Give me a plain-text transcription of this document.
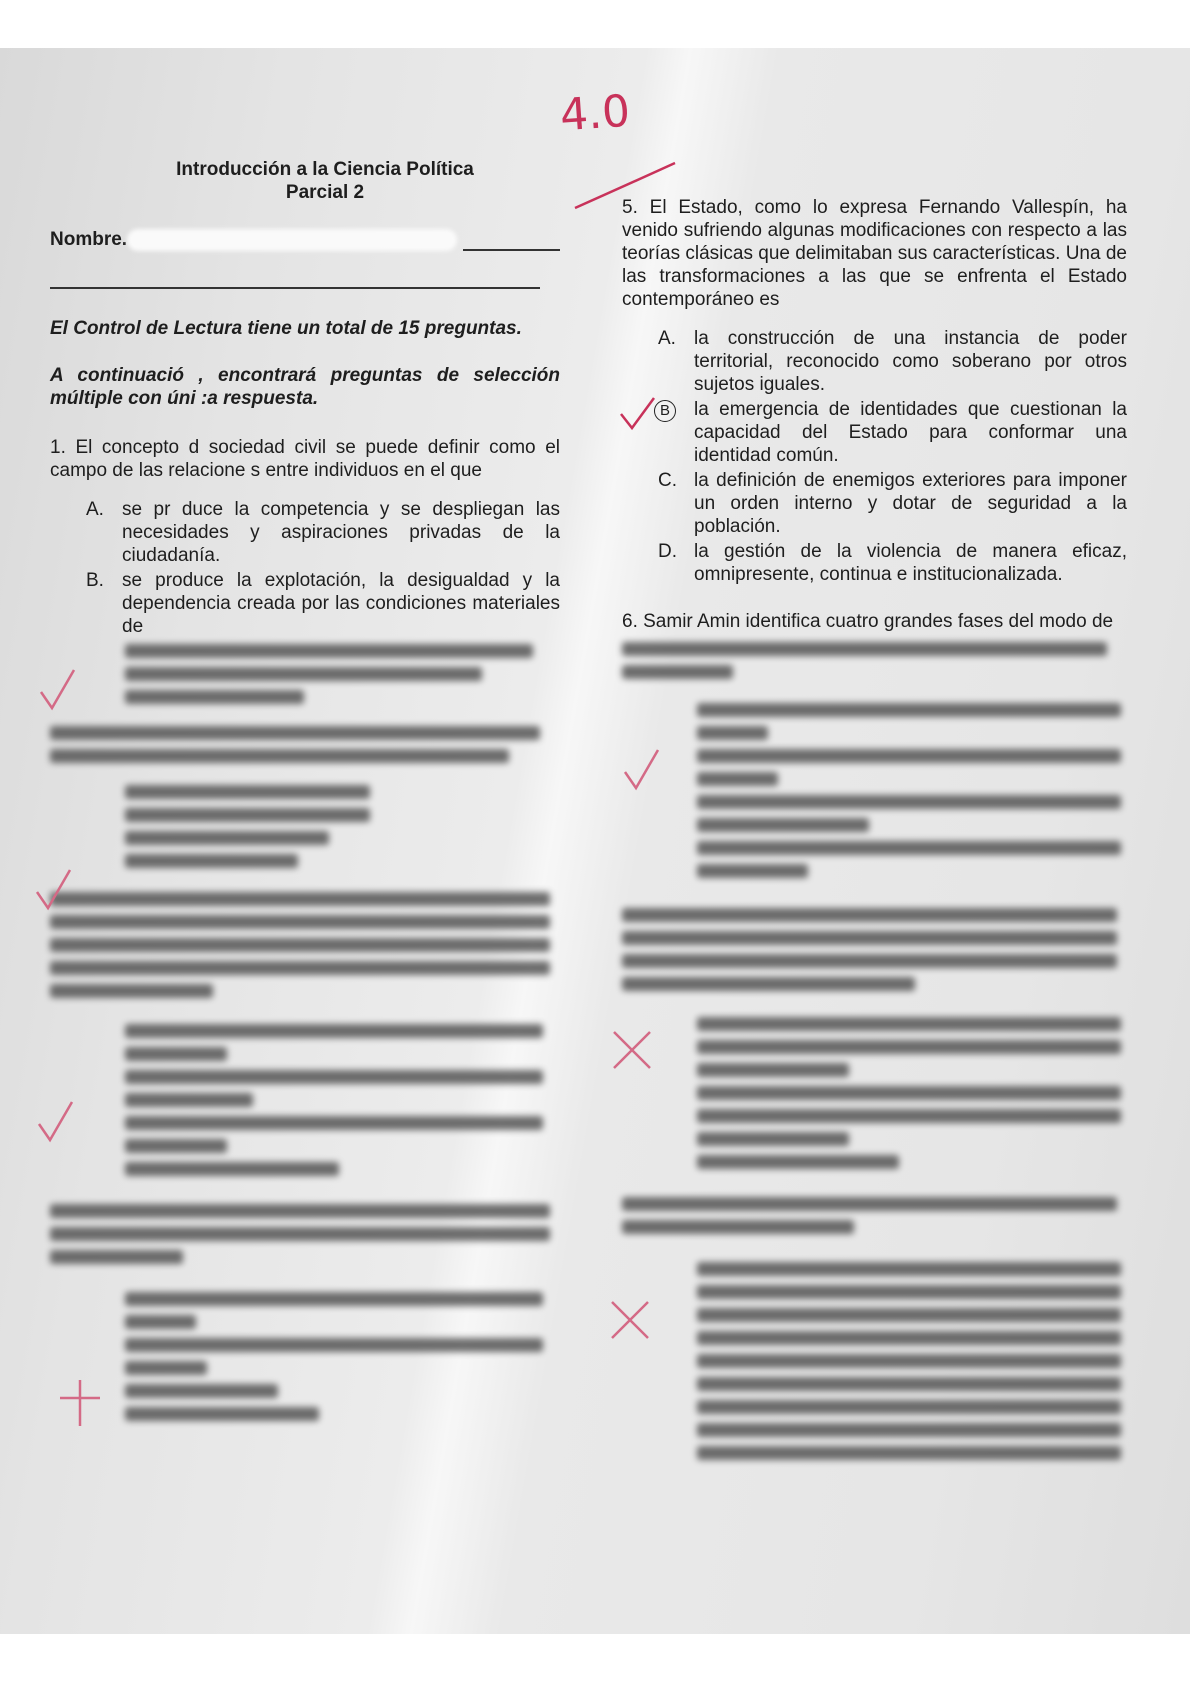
4.0
Introducción a la Ciencia Política
Parcial 2
Nombre.

El Control de Lectura tiene un total de 15 preguntas.

A continuació , encontrará preguntas de selección múltiple con úni :a respuesta.

1. El concepto d sociedad civil se puede definir como el campo de las relacione s entre individuos en el que

A. se pr duce la competencia y se despliegan las necesidades y aspiraciones privadas de la ciudadanía.
B. se produce la explotación, la desigualdad y la dependencia creada por las condiciones materiales de

5. El Estado, como lo expresa Fernando Vallespín, ha venido sufriendo algunas modificaciones con respecto a las teorías clásicas que delimitaban sus características. Una de las transformaciones a las que se enfrenta el Estado contemporáneo es

A. la construcción de una instancia de poder territorial, reconocido como soberano por otros sujetos iguales.
B	la emergencia de identidades que cuestionan la capacidad del Estado para conformar una identidad común.
C. la definición de enemigos exteriores para imponer un orden interno y dotar de seguridad a la población.
D. la gestión de la violencia de manera eficaz, omnipresente, continua e institucionalizada.

6. Samir Amin identifica cuatro grandes fases del modo de
